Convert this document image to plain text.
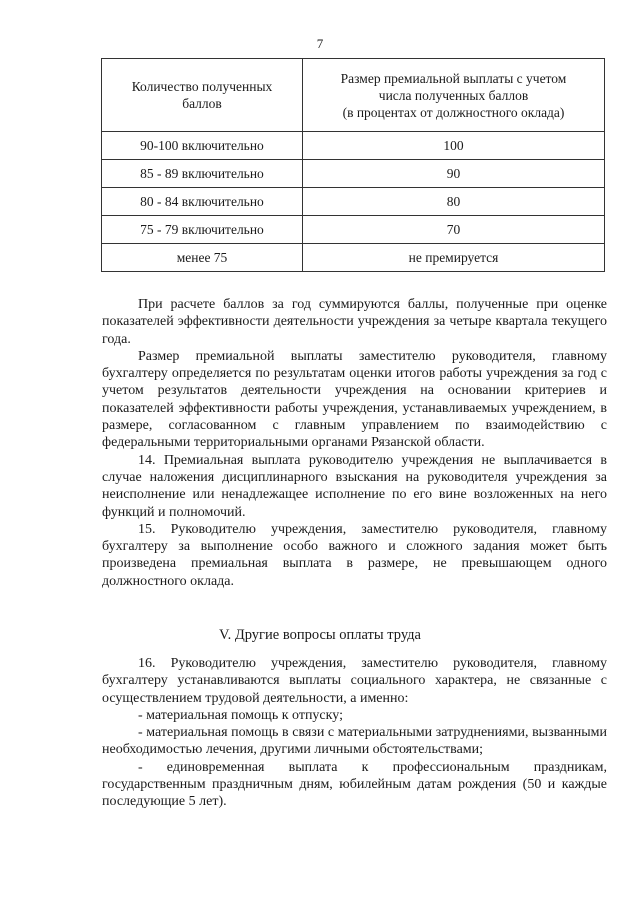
7
Количество полученных
баллов	Размер премиальной выплаты с учетом
числа полученных баллов
(в процентах от должностного оклада)

90-100 включительно	100
85 - 89 включительно	90
80 - 84 включительно	80
75 - 79 включительно	70
менее 75	не премируется

При расчете баллов за год суммируются баллы, полученные при оценке показателей эффективности деятельности учреждения за четыре квартала текущего года.

Размер премиальной выплаты заместителю руководителя, главному бухгалтеру определяется по результатам оценки итогов работы учреждения за год с учетом результатов деятельности учреждения на основании критериев и показателей эффективности работы учреждения, устанавливаемых учреждением, в размере, согласованном с главным управлением по взаимодействию с федеральными территориальными органами Рязанской области.

14. Премиальная выплата руководителю учреждения не выплачивается в случае наложения дисциплинарного взыскания на руководителя учреждения за неисполнение или ненадлежащее исполнение по его вине возложенных на него функций и полномочий.

15. Руководителю учреждения, заместителю руководителя, главному бухгалтеру за выполнение особо важного и сложного задания может быть произведена премиальная выплата в размере, не превышающем одного должностного оклада.

V. Другие вопросы оплаты труда

16. Руководителю учреждения, заместителю руководителя, главному бухгалтеру устанавливаются выплаты социального характера, не связанные с осуществлением трудовой деятельности, а именно:

- материальная помощь к отпуску;

- материальная помощь в связи с материальными затруднениями, вызванными необходимостью лечения, другими личными обстоятельствами;

- единовременная выплата к профессиональным праздникам, государственным праздничным дням, юбилейным датам рождения (50 и каждые последующие 5 лет).
